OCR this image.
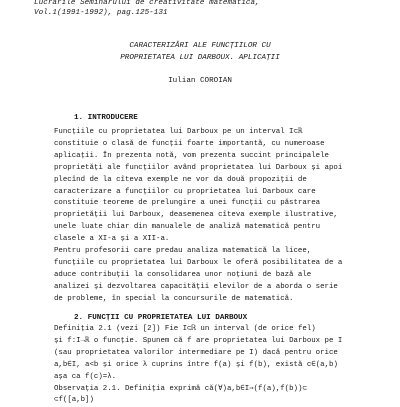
Lucrările Seminarului de creativitate matematică,
Vol.1(1991-1992), pag.125-131
CARACTERIZĂRI ALE FUNCȚIILOR CU
PROPRIETATEA LUI DARBOUX. APLICAȚII
Iulian COROIAN
1. INTRODUCERE
Funcțiile cu proprietatea lui Darboux pe un interval I⊂ℝ
constituie o clasă de funcții foarte importantă, cu numeroase
aplicații. În prezenta notă, vom prezenta succint principalele
proprietăți ale funcțiilor având proprietatea lui Darboux și apoi
plecînd de la cîteva exemple ne vor da două propoziții de
caracterizare a funcțiilor cu proprietatea lui Darboux care
constituie teoreme de prelungire a unei funcții cu păstrarea
proprietății lui Darboux, deasemenea cîteva exemple ilustrative,
unele luate chiar din manualele de analiză matematică pentru
clasele a XI-a și a XII-a.
Pentru profesorii care predau analiza matematică la licee,
funcțiile cu proprietatea lui Darboux le oferă posibilitatea de a
aduce contribuții la consolidarea unor noțiuni de bază ale
analizei și dezvoltarea capacității elevilor de a aborda o serie
de probleme, în special la concursurile de matematică.
2. FUNCȚII CU PROPRIETATEA LUI DARBOUX
Definiția 2.1 (vezi [2]) Fie I⊂ℝ un interval (de orice fel)
și f:I→ℝ o funcție. Spunem că f are proprietatea lui Darboux pe I
(sau proprietatea valorilor intermediare pe I) dacă pentru orice
a,b∈I, a<b și orice λ cuprins între f(a) și f(b), există c∈(a,b)
așa ca f(c)=λ.
Observația 2.1. Definiția exprimă că(∀)a,b∈I⇒(f(a),f(b))⊂
⊂f([a,b])
